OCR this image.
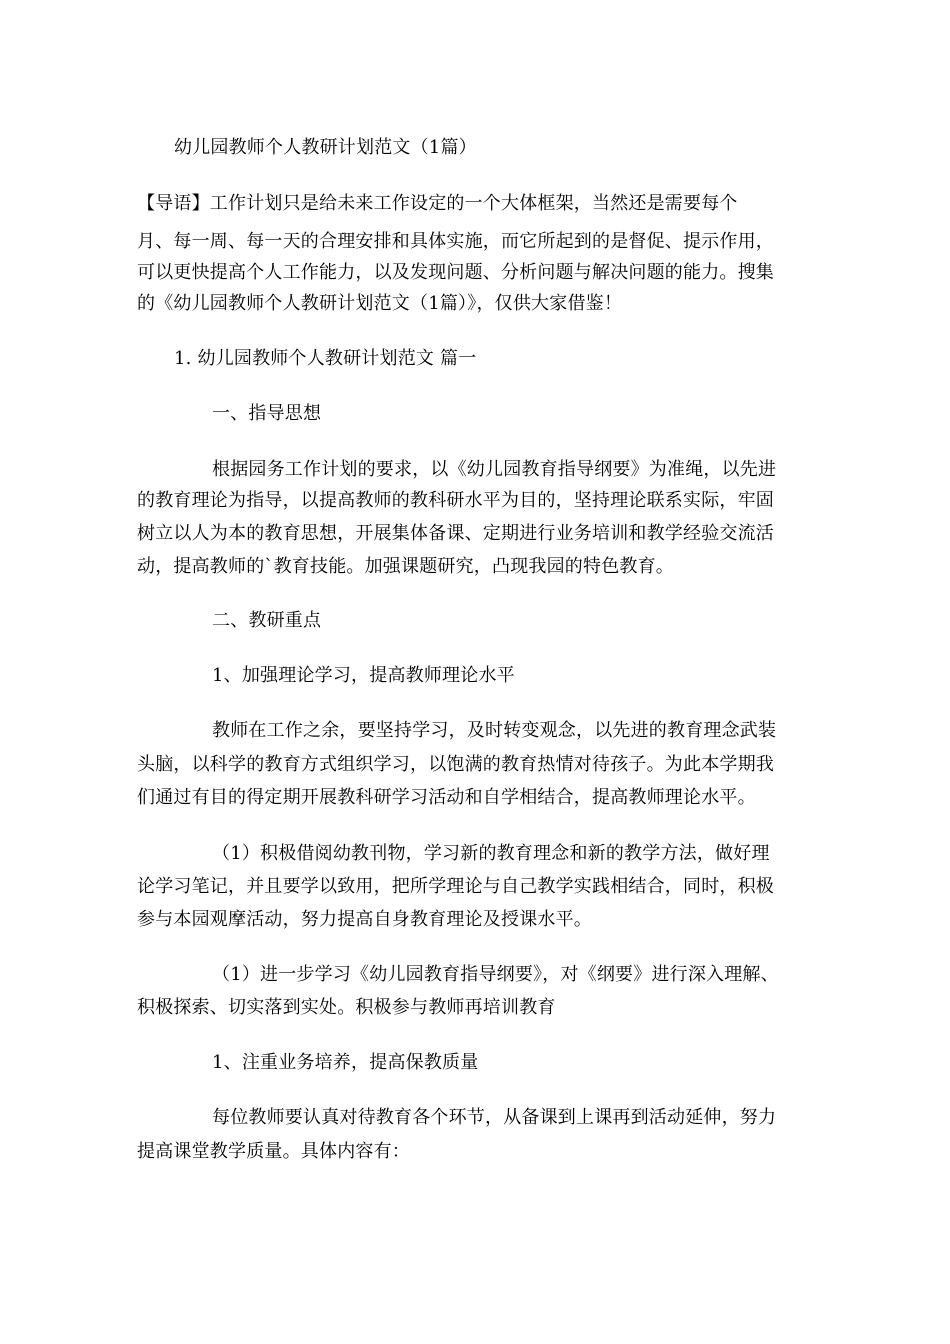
幼儿园教师个人教研计划范文（1篇）
【导语】工作计划只是给未来工作设定的一个大体框架，当然还是需要每个
月、每一周、每一天的合理安排和具体实施，而它所起到的是督促、提示作用，
可以更快提高个人工作能力，以及发现问题、分析问题与解决问题的能力。搜集
的《幼儿园教师个人教研计划范文（1篇）》，仅供大家借鉴！
1. 幼儿园教师个人教研计划范文 篇一
一、指导思想
根据园务工作计划的要求，以《幼儿园教育指导纲要》为准绳，以先进
的教育理论为指导，以提高教师的教科研水平为目的，坚持理论联系实际，牢固
树立以人为本的教育思想，开展集体备课、定期进行业务培训和教学经验交流活
动，提高教师的`教育技能。加强课题研究，凸现我园的特色教育。
二、教研重点
1、加强理论学习，提高教师理论水平
教师在工作之余，要坚持学习，及时转变观念，以先进的教育理念武装
头脑，以科学的教育方式组织学习，以饱满的教育热情对待孩子。为此本学期我
们通过有目的得定期开展教科研学习活动和自学相结合，提高教师理论水平。
（1）积极借阅幼教刊物，学习新的教育理念和新的教学方法，做好理
论学习笔记，并且要学以致用，把所学理论与自己教学实践相结合，同时，积极
参与本园观摩活动，努力提高自身教育理论及授课水平。
（1）进一步学习《幼儿园教育指导纲要》，对《纲要》进行深入理解、
积极探索、切实落到实处。积极参与教师再培训教育
1、注重业务培养，提高保教质量
每位教师要认真对待教育各个环节，从备课到上课再到活动延伸，努力
提高课堂教学质量。具体内容有：
